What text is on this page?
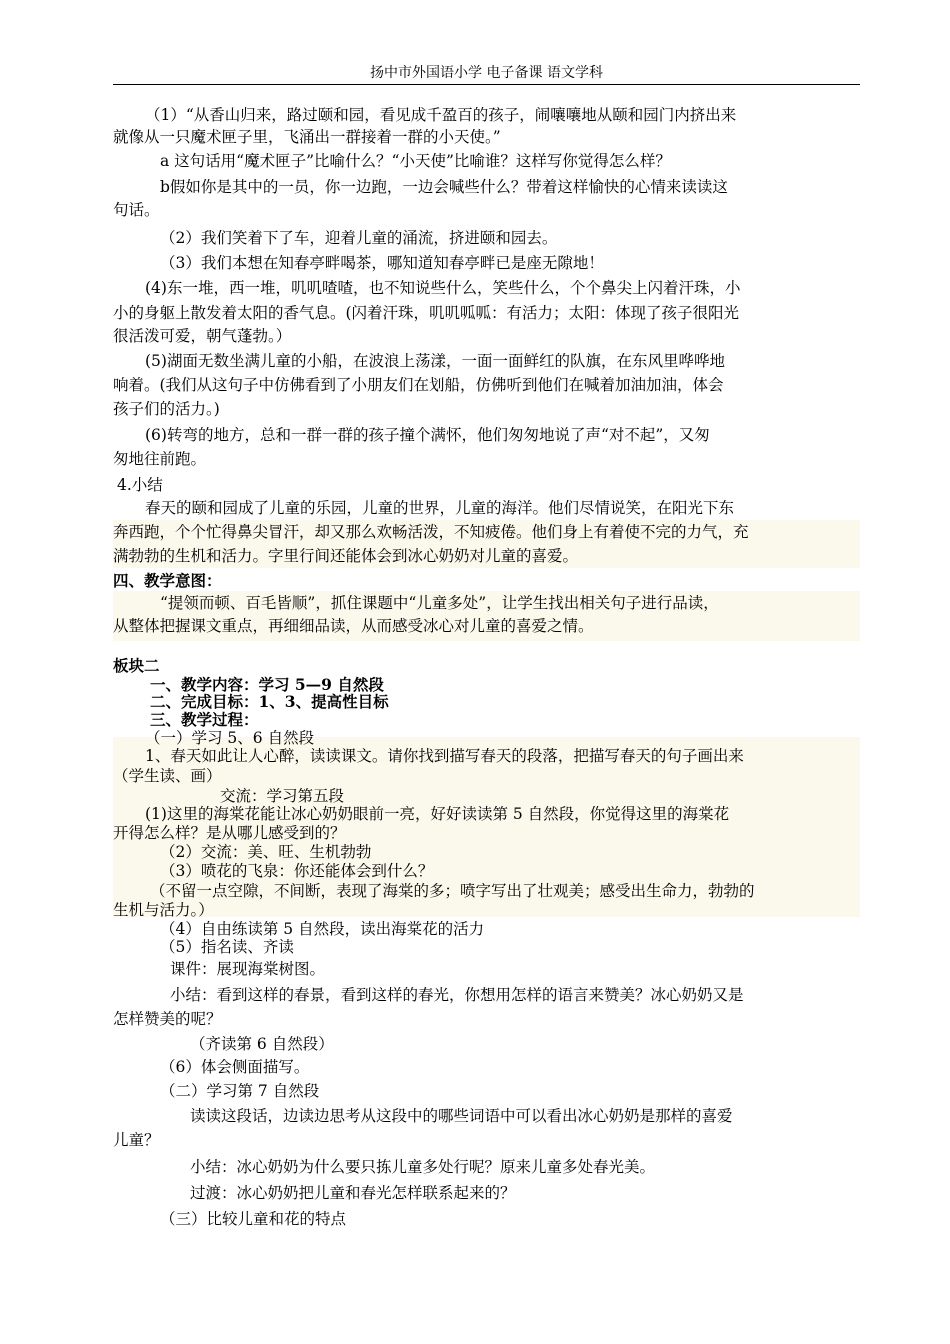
扬中市外国语小学 电子备课 语文学科
（1）“从香山归来，路过颐和园，看见成千盈百的孩子，闹嚷嚷地从颐和园门内挤出来
就像从一只魔术匣子里，飞涌出一群接着一群的小天使。”
a 这句话用“魔术匣子”比喻什么？“小天使”比喻谁？这样写你觉得怎么样？
b假如你是其中的一员，你一边跑，一边会喊些什么？带着这样愉快的心情来读读这
句话。
（2）我们笑着下了车，迎着儿童的涌流，挤进颐和园去。
（3）我们本想在知春亭畔喝茶，哪知道知春亭畔已是座无隙地！
(4)东一堆，西一堆，叽叽喳喳，也不知说些什么，笑些什么，个个鼻尖上闪着汗珠，小
小的身躯上散发着太阳的香气息。(闪着汗珠，叽叽呱呱：有活力；太阳：体现了孩子很阳光
很活泼可爱，朝气蓬勃。）
(5)湖面无数坐满儿童的小船，在波浪上荡漾，一面一面鲜红的队旗，在东风里哗哗地
响着。(我们从这句子中仿佛看到了小朋友们在划船，仿佛听到他们在喊着加油加油，体会
孩子们的活力。)
(6)转弯的地方，总和一群一群的孩子撞个满怀，他们匆匆地说了声“对不起”，又匆
匆地往前跑。
4.小结
春天的颐和园成了儿童的乐园，儿童的世界，儿童的海洋。他们尽情说笑，在阳光下东
奔西跑，个个忙得鼻尖冒汗，却又那么欢畅活泼，不知疲倦。他们身上有着使不完的力气，充
满勃勃的生机和活力。字里行间还能体会到冰心奶奶对儿童的喜爱。
四、教学意图：
“提领而顿、百毛皆顺”，抓住课题中“儿童多处”，让学生找出相关句子进行品读，
从整体把握课文重点，再细细品读，从而感受冰心对儿童的喜爱之情。
板块二
一、教学内容：学习 5—9 自然段
二、完成目标：1、3、提高性目标
三、教学过程：
（一）学习 5、6 自然段
1、春天如此让人心醉，读读课文。请你找到描写春天的段落，把描写春天的句子画出来
（学生读、画）
交流：学习第五段
(1)这里的海棠花能让冰心奶奶眼前一亮，好好读读第 5 自然段，你觉得这里的海棠花
开得怎么样？是从哪儿感受到的？
（2）交流：美、旺、生机勃勃
（3）喷花的飞泉：你还能体会到什么？
（不留一点空隙，不间断，表现了海棠的多；喷字写出了壮观美；感受出生命力，勃勃的
生机与活力。）
（4）自由练读第 5 自然段，读出海棠花的活力
（5）指名读、齐读
课件：展现海棠树图。
小结：看到这样的春景，看到这样的春光，你想用怎样的语言来赞美？冰心奶奶又是
怎样赞美的呢？
（齐读第 6 自然段）
（6）体会侧面描写。
（二）学习第 7 自然段
读读这段话，边读边思考从这段中的哪些词语中可以看出冰心奶奶是那样的喜爱
儿童？
小结：冰心奶奶为什么要只拣儿童多处行呢？原来儿童多处春光美。
过渡：冰心奶奶把儿童和春光怎样联系起来的？
（三）比较儿童和花的特点
